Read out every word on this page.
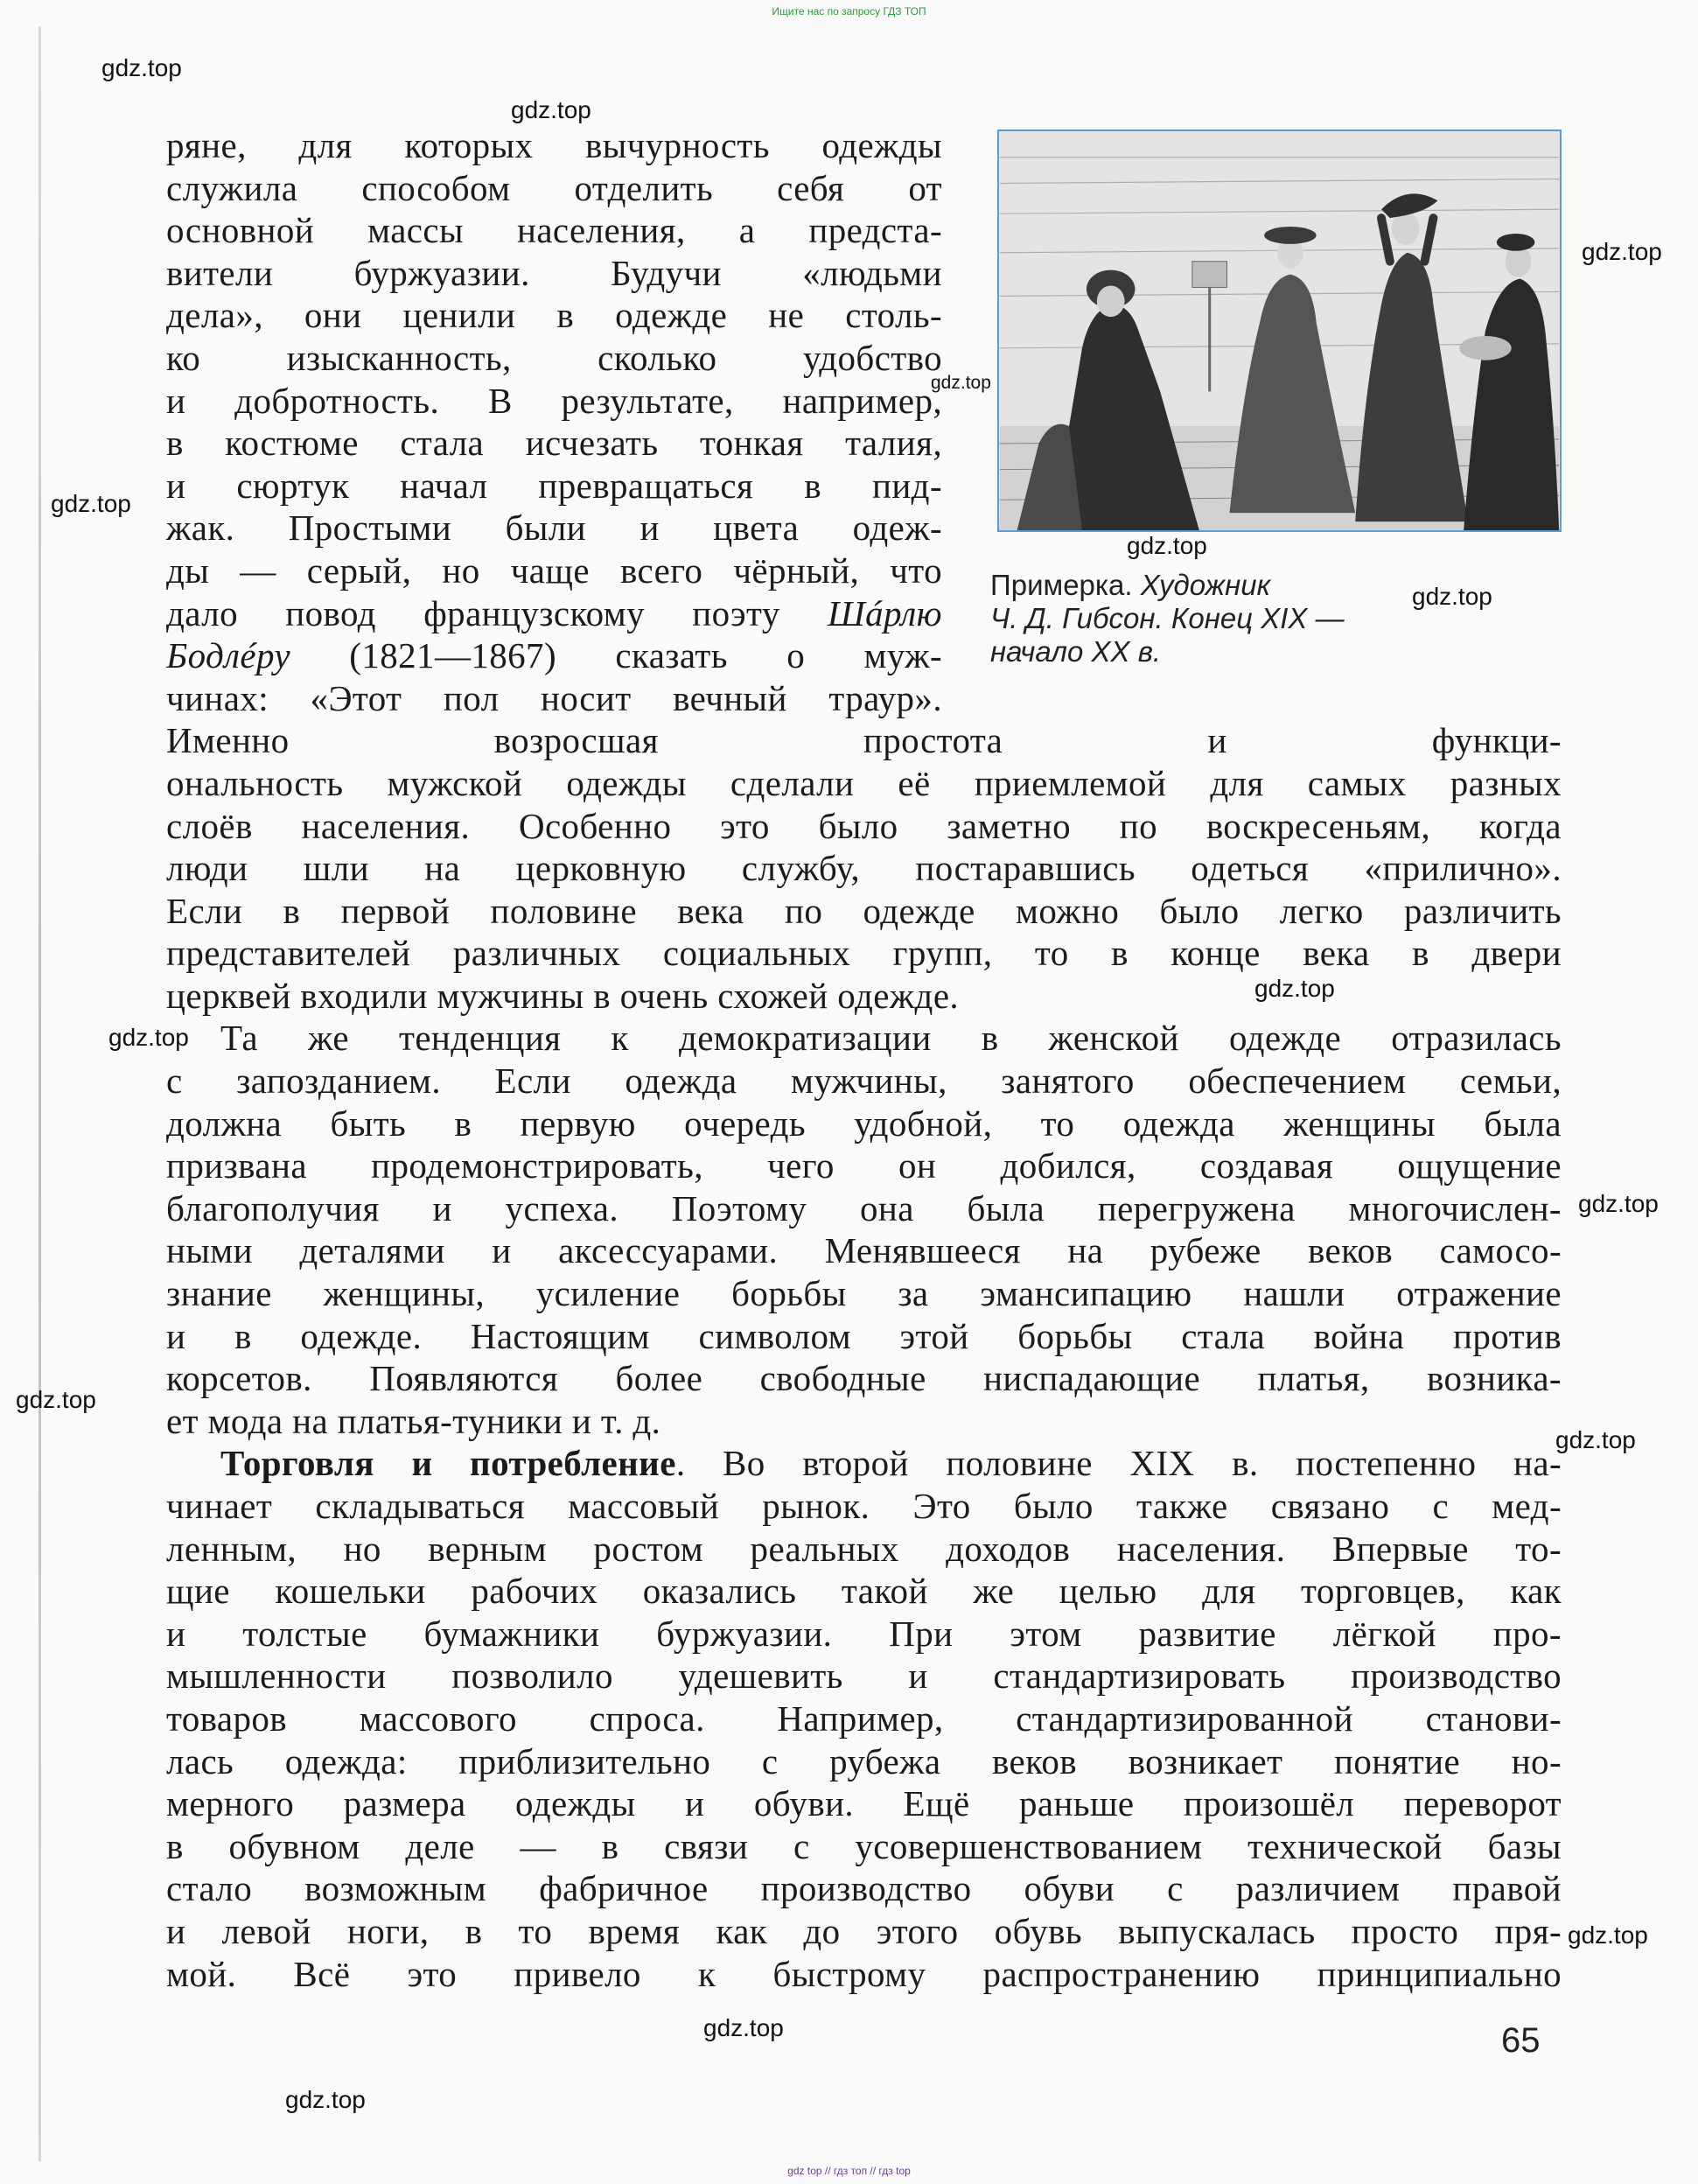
Ищите нас по запросу ГДЗ ТОП
Примерка. Художник
Ч. Д. Гибсон. Конец XIX —
начало XX в.
ряне, для которых вычурность одежды
служила способом отделить себя от
основной массы населения, а предста-
вители буржуазии. Будучи «людьми
дела», они ценили в одежде не столь-
ко изысканность, сколько удобство
и добротность. В результате, например,
в костюме стала исчезать тонкая талия,
и сюртук начал превращаться в пид-
жак. Простыми были и цвета одеж-
ды — серый, но чаще всего чёрный, что
дало повод французскому поэту Шáрлю
Бодлéру (1821—1867) сказать о муж-
чинах: «Этот пол носит вечный траур».
Именно возросшая простота и функци-
ональность мужской одежды сделали её приемлемой для самых разных
слоёв населения. Особенно это было заметно по воскресеньям, когда
люди шли на церковную службу, постаравшись одеться «прилично».
Если в первой половине века по одежде можно было легко различить
представителей различных социальных групп, то в конце века в двери
церквей входили мужчины в очень схожей одежде.
Та же тенденция к демократизации в женской одежде отразилась
с запозданием. Если одежда мужчины, занятого обеспечением семьи,
должна быть в первую очередь удобной, то одежда женщины была
призвана продемонстрировать, чего он добился, создавая ощущение
благополучия и успеха. Поэтому она была перегружена многочислен-
ными деталями и аксессуарами. Менявшееся на рубеже веков самосо-
знание женщины, усиление борьбы за эмансипацию нашли отражение
и в одежде. Настоящим символом этой борьбы стала война против
корсетов. Появляются более свободные ниспадающие платья, возника-
ет мода на платья-туники и т. д.
Торговля и потребление. Во второй половине XIX в. постепенно на-
чинает складываться массовый рынок. Это было также связано с мед-
ленным, но верным ростом реальных доходов населения. Впервые то-
щие кошельки рабочих оказались такой же целью для торговцев, как
и толстые бумажники буржуазии. При этом развитие лёгкой про-
мышленности позволило удешевить и стандартизировать производство
товаров массового спроса. Например, стандартизированной станови-
лась одежда: приблизительно с рубежа веков возникает понятие но-
мерного размера одежды и обуви. Ещё раньше произошёл переворот
в обувном деле — в связи с усовершенствованием технической базы
стало возможным фабричное производство обуви с различием правой
и левой ноги, в то время как до этого обувь выпускалась просто пря-
мой. Всё это привело к быстрому распространению принципиально
65
gdz top // гдз топ // гдз top
gdz.top
gdz.top
gdz.top
gdz.top
gdz.top
gdz.top
gdz.top
gdz.top
gdz.top
gdz.top
gdz.top
gdz.top
gdz.top
gdz.top
gdz.top
